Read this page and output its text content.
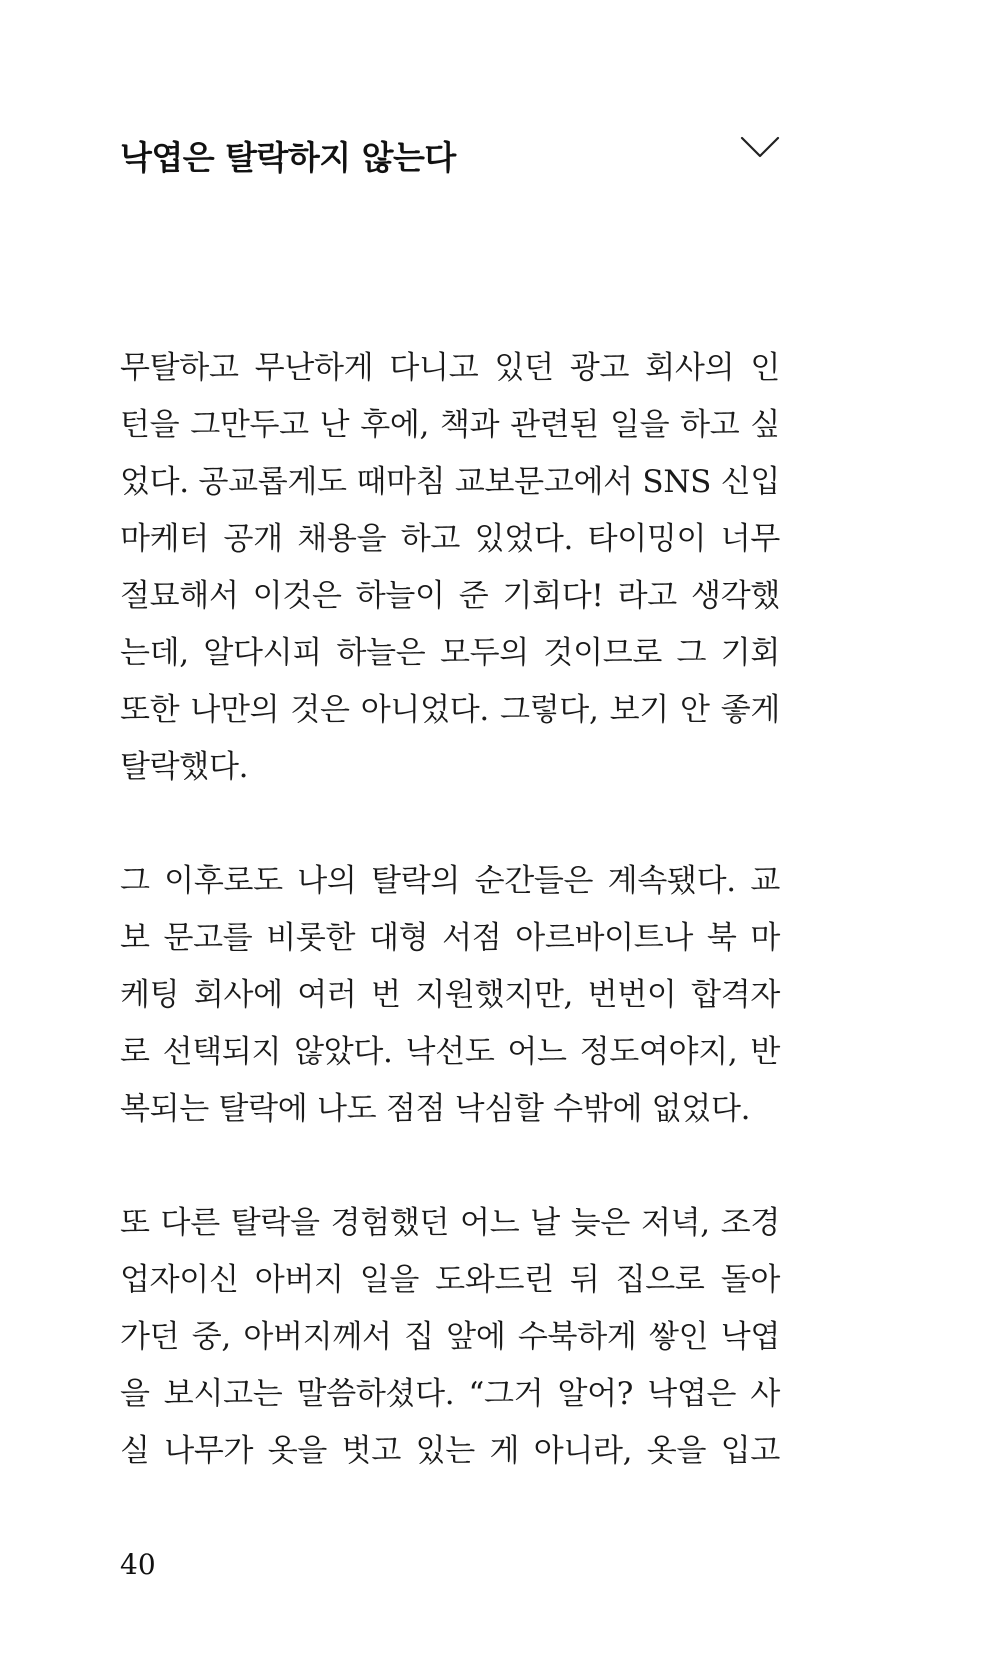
낙엽은 탈락하지 않는다
무탈하고 무난하게 다니고 있던 광고 회사의 인
턴을 그만두고 난 후에, 책과 관련된 일을 하고 싶
었다. 공교롭게도 때마침 교보문고에서 SNS 신입
마케터 공개 채용을 하고 있었다. 타이밍이 너무
절묘해서 이것은 하늘이 준 기회다! 라고 생각했
는데, 알다시피 하늘은 모두의 것이므로 그 기회
또한 나만의 것은 아니었다. 그렇다, 보기 안 좋게
탈락했다.
그 이후로도 나의 탈락의 순간들은 계속됐다. 교
보 문고를 비롯한 대형 서점 아르바이트나 북 마
케팅 회사에 여러 번 지원했지만, 번번이 합격자
로 선택되지 않았다. 낙선도 어느 정도여야지, 반
복되는 탈락에 나도 점점 낙심할 수밖에 없었다.
또 다른 탈락을 경험했던 어느 날 늦은 저녁, 조경
업자이신 아버지 일을 도와드린 뒤 집으로 돌아
가던 중, 아버지께서 집 앞에 수북하게 쌓인 낙엽
을 보시고는 말씀하셨다. “그거 알어? 낙엽은 사
실 나무가 옷을 벗고 있는 게 아니라, 옷을 입고
40
